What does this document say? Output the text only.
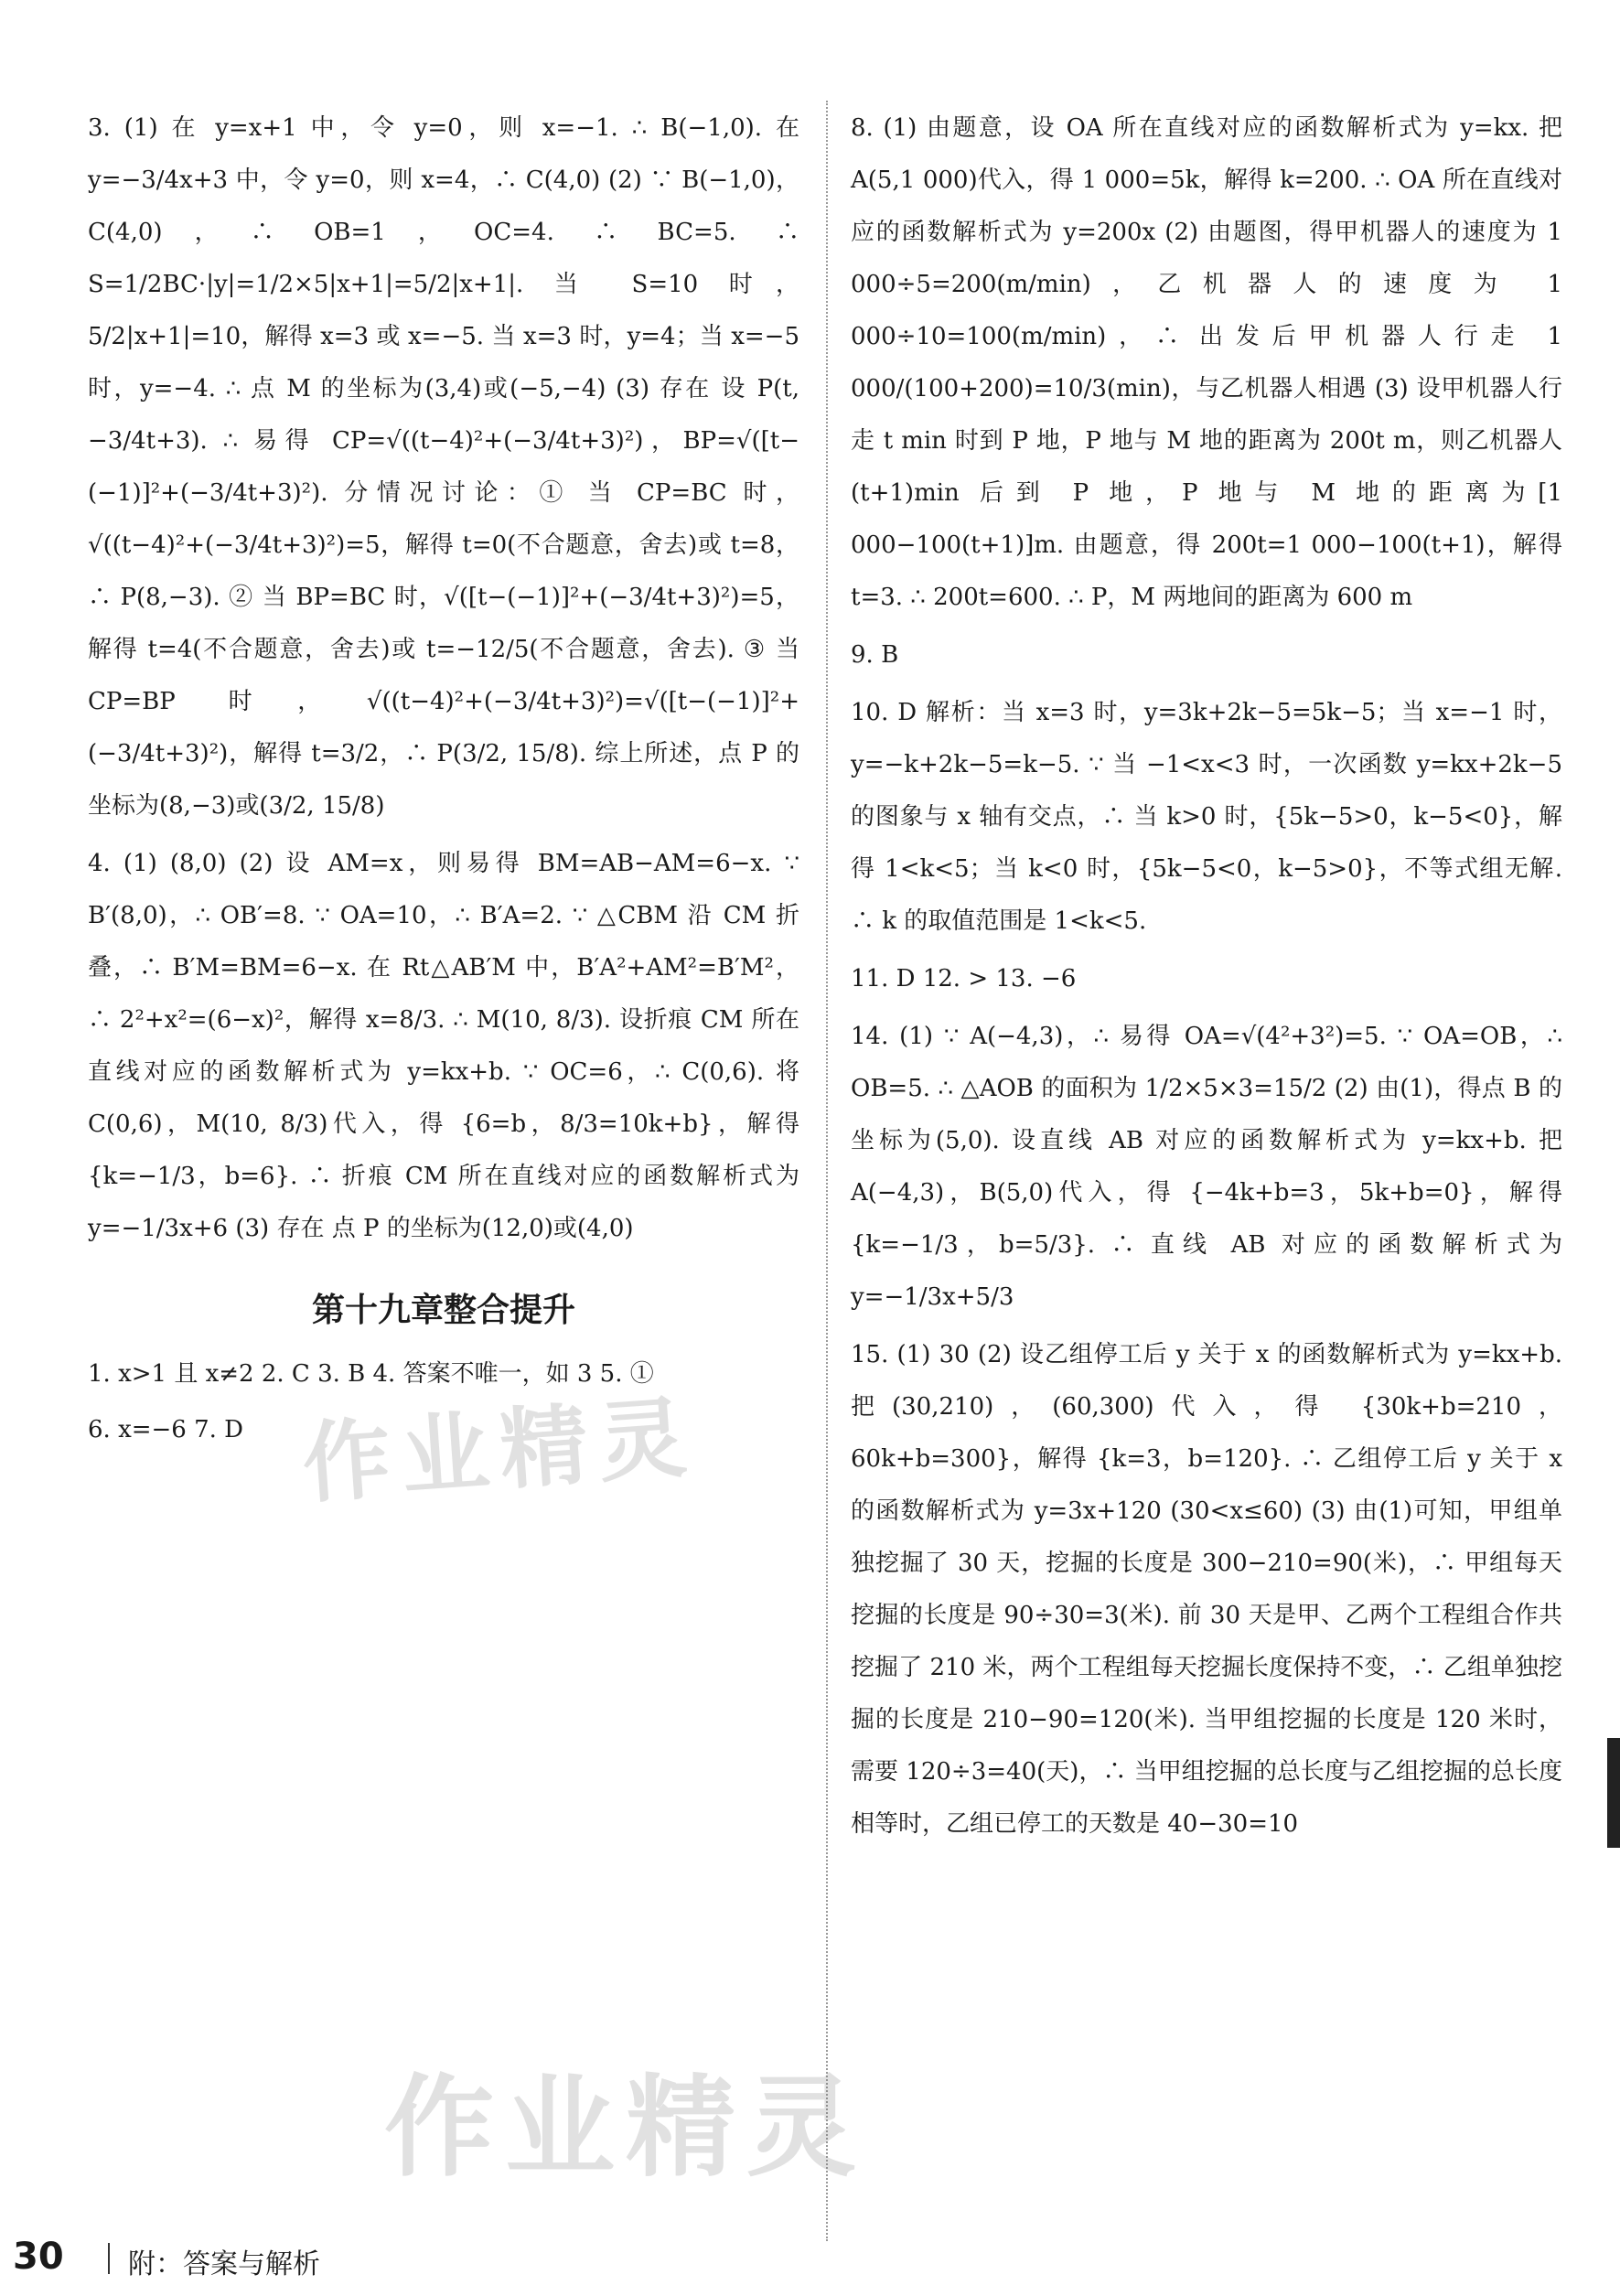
3. (1) 在 y=x+1 中，令 y=0，则 x=−1. ∴ B(−1,0). 在 y=−3/4x+3 中，令 y=0，则 x=4，∴ C(4,0) (2) ∵ B(−1,0)，C(4,0)，∴ OB=1，OC=4. ∴ BC=5. ∴ S=1/2BC·|y|=1/2×5|x+1|=5/2|x+1|. 当 S=10 时，5/2|x+1|=10，解得 x=3 或 x=−5. 当 x=3 时，y=4；当 x=−5 时，y=−4. ∴ 点 M 的坐标为(3,4)或(−5,−4) (3) 存在 设 P(t, −3/4t+3). ∴ 易得 CP=√((t−4)²+(−3/4t+3)²)，BP=√([t−(−1)]²+(−3/4t+3)²). 分情况讨论：① 当 CP=BC 时，√((t−4)²+(−3/4t+3)²)=5，解得 t=0(不合题意，舍去)或 t=8，∴ P(8,−3). ② 当 BP=BC 时，√([t−(−1)]²+(−3/4t+3)²)=5，解得 t=4(不合题意，舍去)或 t=−12/5(不合题意，舍去). ③ 当 CP=BP 时，√((t−4)²+(−3/4t+3)²)=√([t−(−1)]²+(−3/4t+3)²)，解得 t=3/2，∴ P(3/2, 15/8). 综上所述，点 P 的坐标为(8,−3)或(3/2, 15/8)

4. (1) (8,0) (2) 设 AM=x，则易得 BM=AB−AM=6−x. ∵ B′(8,0)，∴ OB′=8. ∵ OA=10，∴ B′A=2. ∵ △CBM 沿 CM 折叠，∴ B′M=BM=6−x. 在 Rt△AB′M 中，B′A²+AM²=B′M²，∴ 2²+x²=(6−x)²，解得 x=8/3. ∴ M(10, 8/3). 设折痕 CM 所在直线对应的函数解析式为 y=kx+b. ∵ OC=6，∴ C(0,6). 将 C(0,6)，M(10, 8/3)代入，得 {6=b，8/3=10k+b}，解得 {k=−1/3，b=6}. ∴ 折痕 CM 所在直线对应的函数解析式为 y=−1/3x+6 (3) 存在 点 P 的坐标为(12,0)或(4,0)

第十九章整合提升

1. x>1 且 x≠2 2. C 3. B 4. 答案不唯一，如 3 5. ①

6. x=−6 7. D

8. (1) 由题意，设 OA 所在直线对应的函数解析式为 y=kx. 把 A(5,1 000)代入，得 1 000=5k，解得 k=200. ∴ OA 所在直线对应的函数解析式为 y=200x (2) 由题图，得甲机器人的速度为 1 000÷5=200(m/min)，乙机器人的速度为 1 000÷10=100(m/min)，∴ 出发后甲机器人行走 1 000/(100+200)=10/3(min)，与乙机器人相遇 (3) 设甲机器人行走 t min 时到 P 地，P 地与 M 地的距离为 200t m，则乙机器人(t+1)min 后到 P 地，P 地与 M 地的距离为[1 000−100(t+1)]m. 由题意，得 200t=1 000−100(t+1)，解得 t=3. ∴ 200t=600. ∴ P，M 两地间的距离为 600 m

9. B

10. D 解析：当 x=3 时，y=3k+2k−5=5k−5；当 x=−1 时，y=−k+2k−5=k−5. ∵ 当 −1<x<3 时，一次函数 y=kx+2k−5 的图象与 x 轴有交点，∴ 当 k>0 时，{5k−5>0，k−5<0}，解得 1<k<5；当 k<0 时，{5k−5<0，k−5>0}，不等式组无解. ∴ k 的取值范围是 1<k<5.

11. D 12. > 13. −6

14. (1) ∵ A(−4,3)，∴ 易得 OA=√(4²+3²)=5. ∵ OA=OB，∴ OB=5. ∴ △AOB 的面积为 1/2×5×3=15/2 (2) 由(1)，得点 B 的坐标为(5,0). 设直线 AB 对应的函数解析式为 y=kx+b. 把 A(−4,3)，B(5,0)代入，得 {−4k+b=3，5k+b=0}，解得 {k=−1/3，b=5/3}. ∴ 直线 AB 对应的函数解析式为 y=−1/3x+5/3

15. (1) 30 (2) 设乙组停工后 y 关于 x 的函数解析式为 y=kx+b. 把(30,210)，(60,300)代入，得 {30k+b=210，60k+b=300}，解得 {k=3，b=120}. ∴ 乙组停工后 y 关于 x 的函数解析式为 y=3x+120 (30<x≤60) (3) 由(1)可知，甲组单独挖掘了 30 天，挖掘的长度是 300−210=90(米)，∴ 甲组每天挖掘的长度是 90÷30=3(米). 前 30 天是甲、乙两个工程组合作共挖掘了 210 米，两个工程组每天挖掘长度保持不变，∴ 乙组单独挖掘的长度是 210−90=120(米). 当甲组挖掘的长度是 120 米时，需要 120÷3=40(天)，∴ 当甲组挖掘的总长度与乙组挖掘的总长度相等时，乙组已停工的天数是 40−30=10

作业精灵
作业精灵
30 附：答案与解析
